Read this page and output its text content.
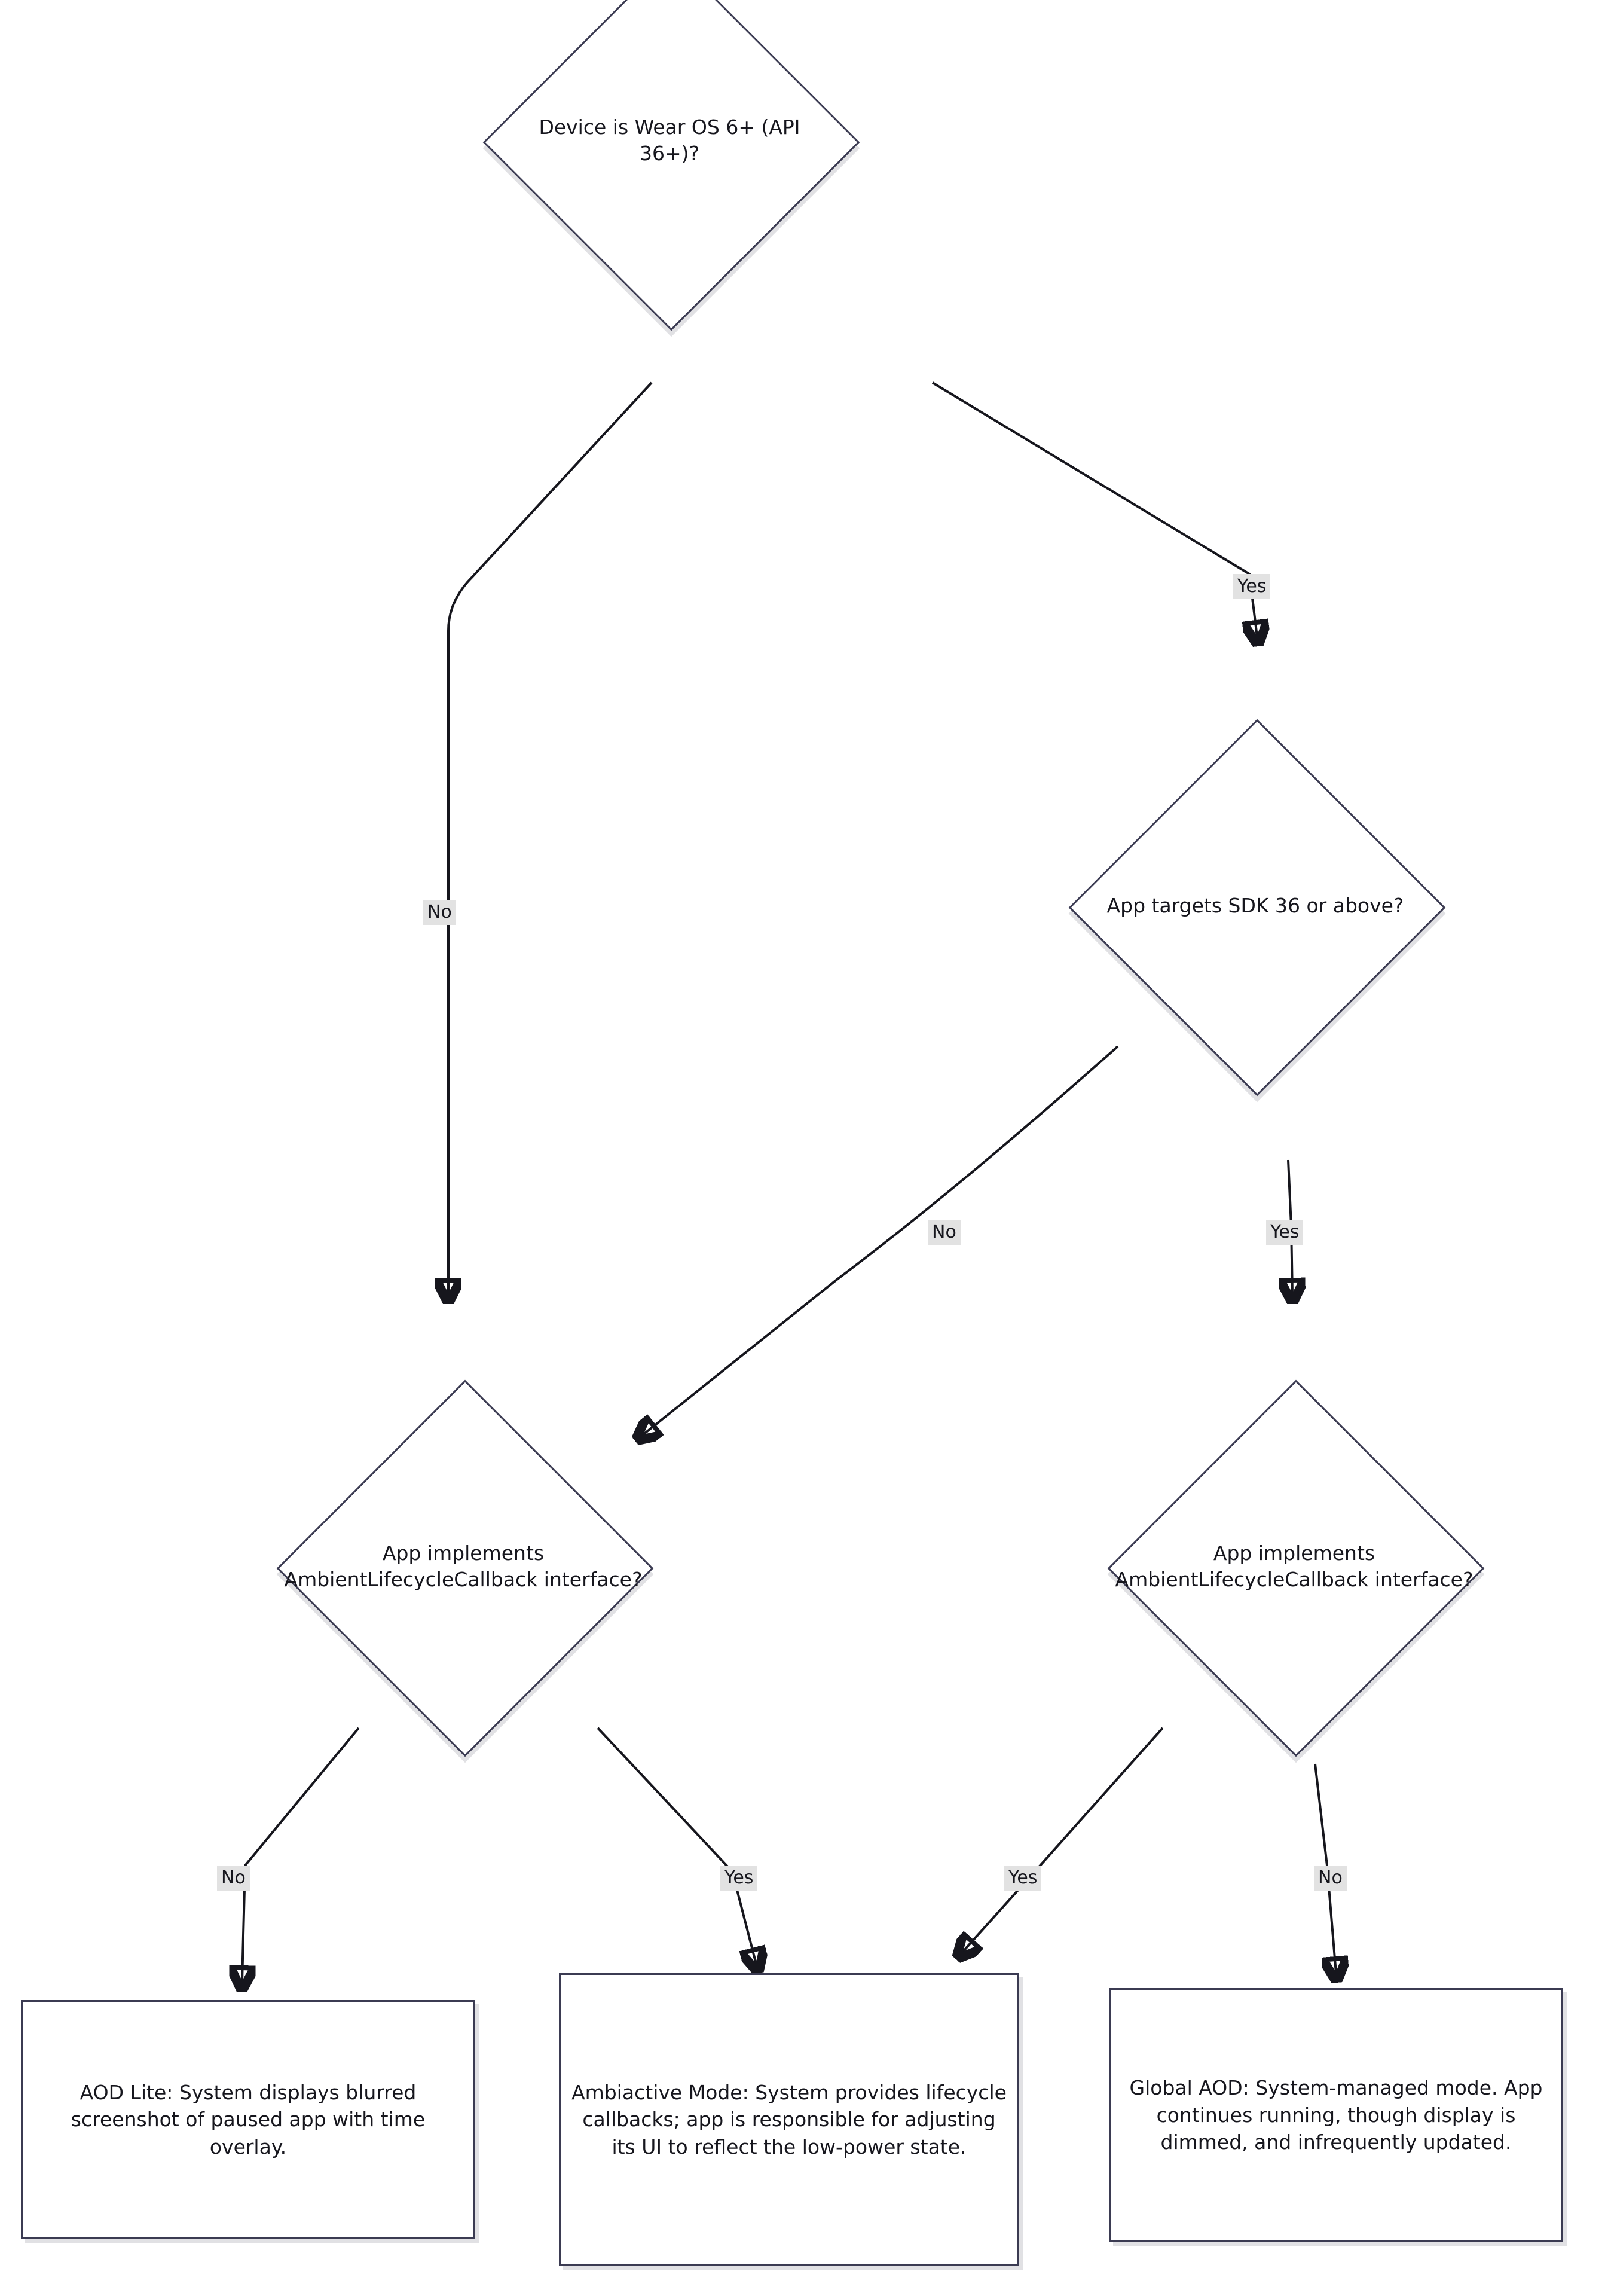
Device is Wear OS 6+ (API 36+)?
App targets SDK 36 or above?
App implements AmbientLifecycleCallback interface?
App implements AmbientLifecycleCallback interface?
AOD Lite: System displays blurred screenshot of paused app with time overlay.
Ambiactive Mode: System provides lifecycle callbacks; app is responsible for adjusting its UI to reflect the low-power state.
Global AOD: System-managed mode. App continues running, though display is dimmed, and infrequently updated.
No
Yes
No	Yes
No	Yes	Yes	No
